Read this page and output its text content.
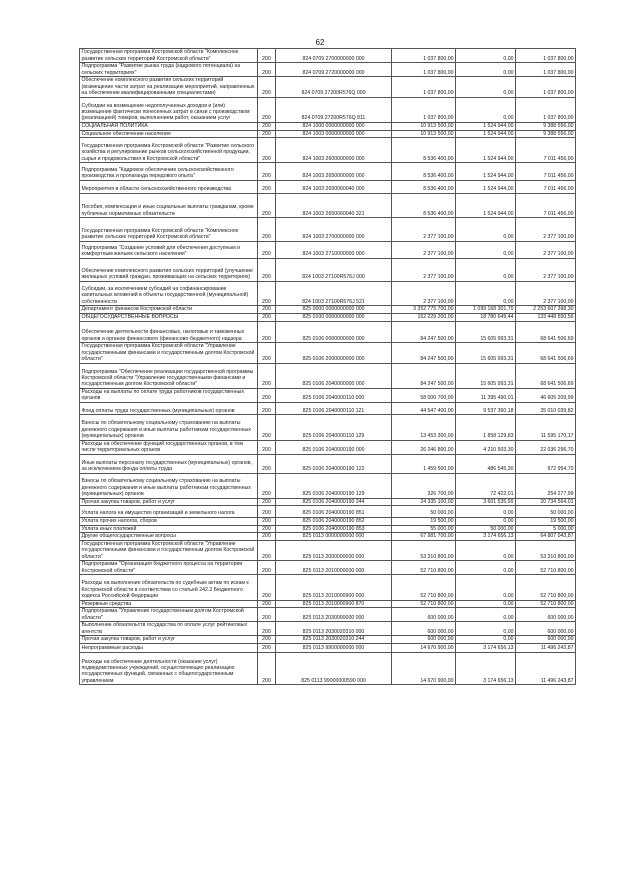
62
Государственная программа Костромской области "Комплексное развитие сельских территорий Костромской области"	200	824 0709 2700000000 000	1 037 800,00	0,00	1 037 800,00
Подпрограмма "Развитие рынка труда (кадрового потенциала) на сельских территориях"	200	824 0709 2720000000 000	1 037 800,00	0,00	1 037 800,00
Обеспечение комплексного развития сельских территорий (возмещение части затрат на реализацию мероприятий, направленных на обеспечение квалифицированными специалистами)	200	824 0709 27200R576Q 000	1 037 800,00	0,00	1 037 800,00
Субсидии на возмещение недополученных доходов и (или) возмещение фактически понесенных затрат в связи с производством (реализацией) товаров, выполнением работ, оказанием услуг	200	824 0709 27200R576Q 811	1 037 800,00	0,00	1 037 800,00
СОЦИАЛЬНАЯ ПОЛИТИКА	200	824 1000 0000000000 000	10 913 500,00	1 524 944,00	9 388 556,00
Социальное обеспечение населения	200	824 1003 0000000000 000	10 913 500,00	1 524 944,00	9 388 556,00
Государственная программа Костромской области "Развитие сельского хозяйства и регулирование рынков сельскохозяйственной продукции, сырья и продовольствия в Костромской области"	200	824 1003 2600000000 000	8 536 400,00	1 524 944,00	7 011 456,00
Подпрограмма "Кадровое обеспечение сельскохозяйственного производства и пропаганда передового опыта"	200	824 1003 2650000000 000	8 536 400,00	1 524 944,00	7 011 456,00
Мероприятия в области сельскохозяйственного производства	200	824 1003 2650060040 000	8 536 400,00	1 524 944,00	7 011 456,00
Пособия, компенсации и иные социальные выплаты гражданам, кроме публичных нормативных обязательств	200	824 1003 2650060040 321	8 536 400,00	1 524 944,00	7 011 456,00
Государственная программа Костромской области "Комплексное развитие сельских территорий Костромской области"	200	824 1003 2700000000 000	2 377 100,00	0,00	2 377 100,00
Подпрограмма "Создание условий для обеспечения доступным и комфортным жильем сельского населения"	200	824 1003 2710000000 000	2 377 100,00	0,00	2 377 100,00
Обеспечение комплексного развития сельских территорий (улучшение жилищных условий граждан, проживающих на сельских территориях)	200	824 1003 27100R576J 000	2 377 100,00	0,00	2 377 100,00
Субсидии, за исключением субсидий на софинансирование капитальных вложений в объекты государственной (муниципальной) собственности	200	824 1003 27100R576J 521	2 377 100,00	0,00	2 377 100,00
Департамент финансов Костромской области	200	825 0000 0000000000 000	3 352 775 700,00	1 099 168 301,70	2 253 607 398,30
ОБЩЕГОСУДАРСТВЕННЫЕ ВОПРОСЫ	200	825 0100 0000000000 000	152 229 200,00	18 780 649,44	133 448 550,56
Обеспечение деятельности финансовых, налоговых и таможенных органов и органов финансового (финансово-бюджетного) надзора	200	825 0106 0000000000 000	84 247 500,00	15 605 993,31	68 641 506,69
Государственная программа Костромской области "Управление государственными финансами и государственным долгом Костромской области"	200	825 0106 2000000000 000	84 247 500,00	15 605 993,31	68 641 506,69
Подпрограмма "Обеспечение реализации государственной программы Костромской области "Управление государственными финансами и государственным долгом Костромской области"	200	825 0106 2040000000 000	84 247 500,00	15 605 993,31	68 641 506,69
Расходы на выплаты по оплате труда работников государственных органов	200	825 0106 2040000110 000	58 000 700,00	11 395 490,01	46 605 209,99
Фонд оплаты труда государственных (муниципальных) органов	200	825 0106 2040000110 121	44 547 400,00	9 537 360,18	35 010 039,82
Взносы по обязательному социальному страхованию на выплаты денежного содержания и иные выплаты работникам государственных (муниципальных) органов	200	825 0106 2040000110 129	13 453 300,00	1 858 129,83	11 595 170,17
Расходы на обеспечение функций государственных органов, в том числе территориальных органов	200	825 0106 2040000190 000	26 246 800,00	4 210 503,30	22 036 296,70
Иные выплаты персоналу государственных (муниципальных) органов, за исключением фонда оплаты труда	200	825 0106 2040000190 122	1 459 500,00	486 545,30	972 954,70
Взносы по обязательному социальному страхованию на выплаты денежного содержания и иные выплаты работникам государственных (муниципальных) органов	200	825 0106 2040000190 129	326 700,00	72 422,01	254 277,99
Прочая закупка товаров, работ и услуг	200	825 0106 2040000190 244	24 335 100,00	3 601 535,99	20 734 564,01
Уплата налога на имущество организаций и земельного налога	200	825 0106 2040000190 851	50 000,00	0,00	50 000,00
Уплата прочих налогов, сборов	200	825 0106 2040000190 852	19 500,00	0,00	19 500,00
Уплата иных платежей	200	825 0106 2040000190 853	55 000,00	50 000,00	5 000,00
Другие общегосударственные вопросы	200	825 0113 0000000000 000	67 981 700,00	3 174 656,13	64 807 043,87
Государственная программа Костромской области "Управление государственными финансами и государственным долгом Костромской области"	200	825 0113 2000000000 000	53 310 800,00	0,00	53 310 800,00
Подпрограмма "Организация бюджетного процесса на территории Костромской области"	200	825 0113 2010000000 000	52 710 800,00	0,00	52 710 800,00
Расходы на выполнение обязательств по судебным актам по искам к Костромской области в соответствии со статьей 242.2 Бюджетного кодекса Российской Федерации	200	825 0113 2010000900 000	52 710 800,00	0,00	52 710 800,00
Резервные средства	200	825 0113 2010000900 870	52 710 800,00	0,00	52 710 800,00
Подпрограмма "Управление государственным долгом Костромской области"	200	825 0113 2030000000 000	600 000,00	0,00	600 000,00
Выполнение обязательств государства по оплате услуг рейтинговых агентств	200	825 0113 2030020310 000	600 000,00	0,00	600 000,00
Прочая закупка товаров, работ и услуг	200	825 0113 2030020310 244	600 000,00	0,00	600 000,00
Непрограммные расходы	200	825 0113 9900000000 000	14 670 900,00	3 174 656,13	11 496 243,87
Расходы на обеспечение деятельности (оказание услуг) подведомственных учреждений, осуществляющих реализацию государственных функций, связанных с общегосударственным управлением	200	825 0113 99000000590 000	14 670 900,00	3 174 656,13	11 496 243,87
